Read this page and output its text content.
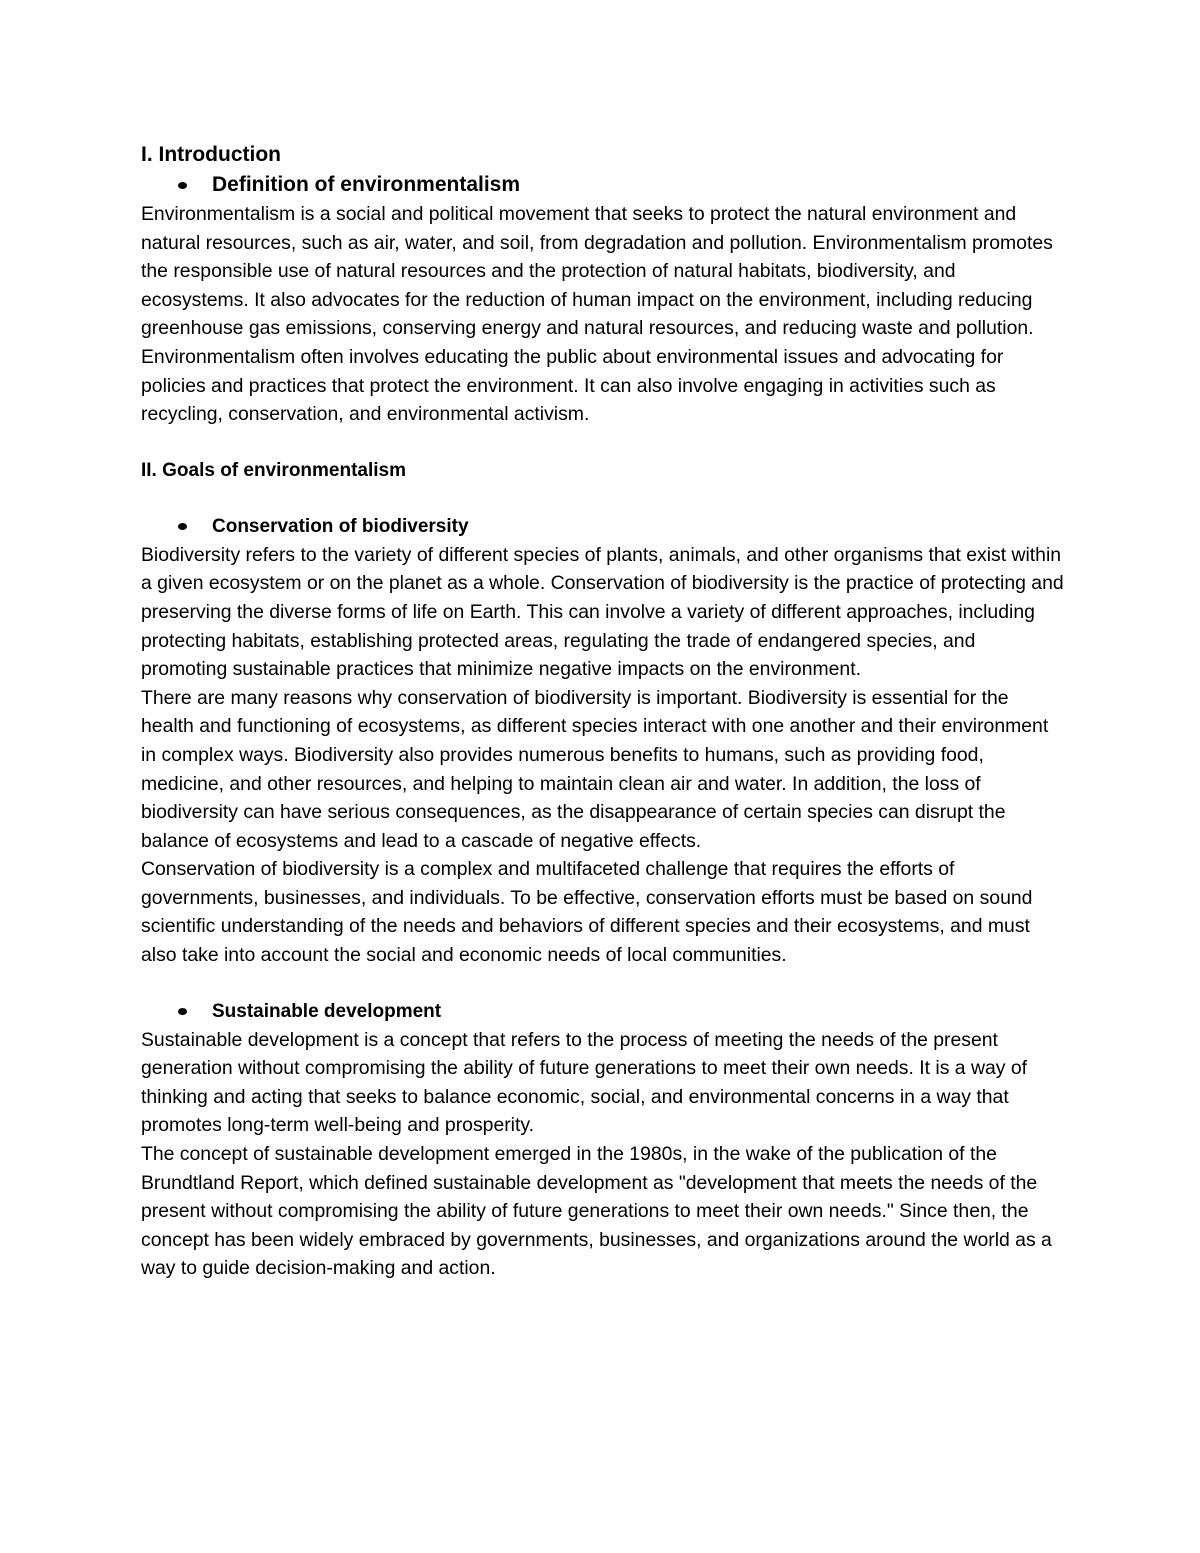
I. Introduction

Definition of environmentalism

Environmentalism is a social and political movement that seeks to protect the natural environment and natural resources, such as air, water, and soil, from degradation and pollution. Environmentalism promotes the responsible use of natural resources and the protection of natural habitats, biodiversity, and ecosystems. It also advocates for the reduction of human impact on the environment, including reducing greenhouse gas emissions, conserving energy and natural resources, and reducing waste and pollution. Environmentalism often involves educating the public about environmental issues and advocating for policies and practices that protect the environment. It can also involve engaging in activities such as recycling, conservation, and environmental activism.

II. Goals of environmentalism

Conservation of biodiversity

Biodiversity refers to the variety of different species of plants, animals, and other organisms that exist within a given ecosystem or on the planet as a whole. Conservation of biodiversity is the practice of protecting and preserving the diverse forms of life on Earth. This can involve a variety of different approaches, including protecting habitats, establishing protected areas, regulating the trade of endangered species, and promoting sustainable practices that minimize negative impacts on the environment.

There are many reasons why conservation of biodiversity is important. Biodiversity is essential for the health and functioning of ecosystems, as different species interact with one another and their environment in complex ways. Biodiversity also provides numerous benefits to humans, such as providing food, medicine, and other resources, and helping to maintain clean air and water. In addition, the loss of biodiversity can have serious consequences, as the disappearance of certain species can disrupt the balance of ecosystems and lead to a cascade of negative effects.

Conservation of biodiversity is a complex and multifaceted challenge that requires the efforts of governments, businesses, and individuals. To be effective, conservation efforts must be based on sound scientific understanding of the needs and behaviors of different species and their ecosystems, and must also take into account the social and economic needs of local communities.

Sustainable development

Sustainable development is a concept that refers to the process of meeting the needs of the present generation without compromising the ability of future generations to meet their own needs. It is a way of thinking and acting that seeks to balance economic, social, and environmental concerns in a way that promotes long-term well-being and prosperity.

The concept of sustainable development emerged in the 1980s, in the wake of the publication of the Brundtland Report, which defined sustainable development as "development that meets the needs of the present without compromising the ability of future generations to meet their own needs." Since then, the concept has been widely embraced by governments, businesses, and organizations around the world as a way to guide decision-making and action.
